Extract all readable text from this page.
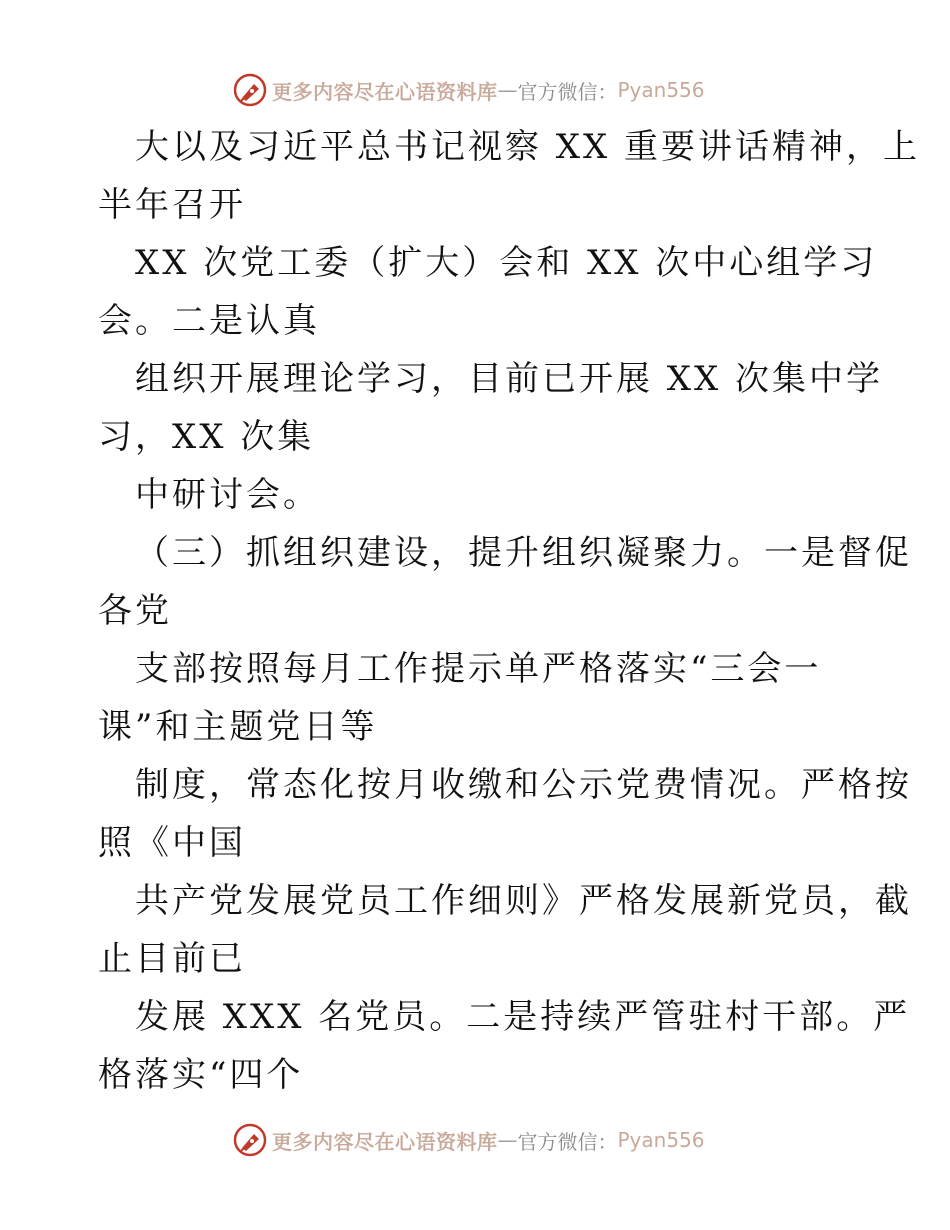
更多内容尽在心语资料库 — 官方微信： Pyan556
大以及习近平总书记视察 XX 重要讲话精神，上
半年召开
XX 次党工委（扩大）会和 XX 次中心组学习
会。二是认真
组织开展理论学习，目前已开展 XX 次集中学
习，XX 次集
中研讨会。
（三）抓组织建设，提升组织凝聚力。一是督促
各党
支部按照每月工作提示单严格落实“三会一
课”和主题党日等
制度，常态化按月收缴和公示党费情况。严格按
照《中国
共产党发展党员工作细则》严格发展新党员，截
止目前已
发展 XXX 名党员。二是持续严管驻村干部。严
格落实“四个
更多内容尽在心语资料库 — 官方微信： Pyan556
